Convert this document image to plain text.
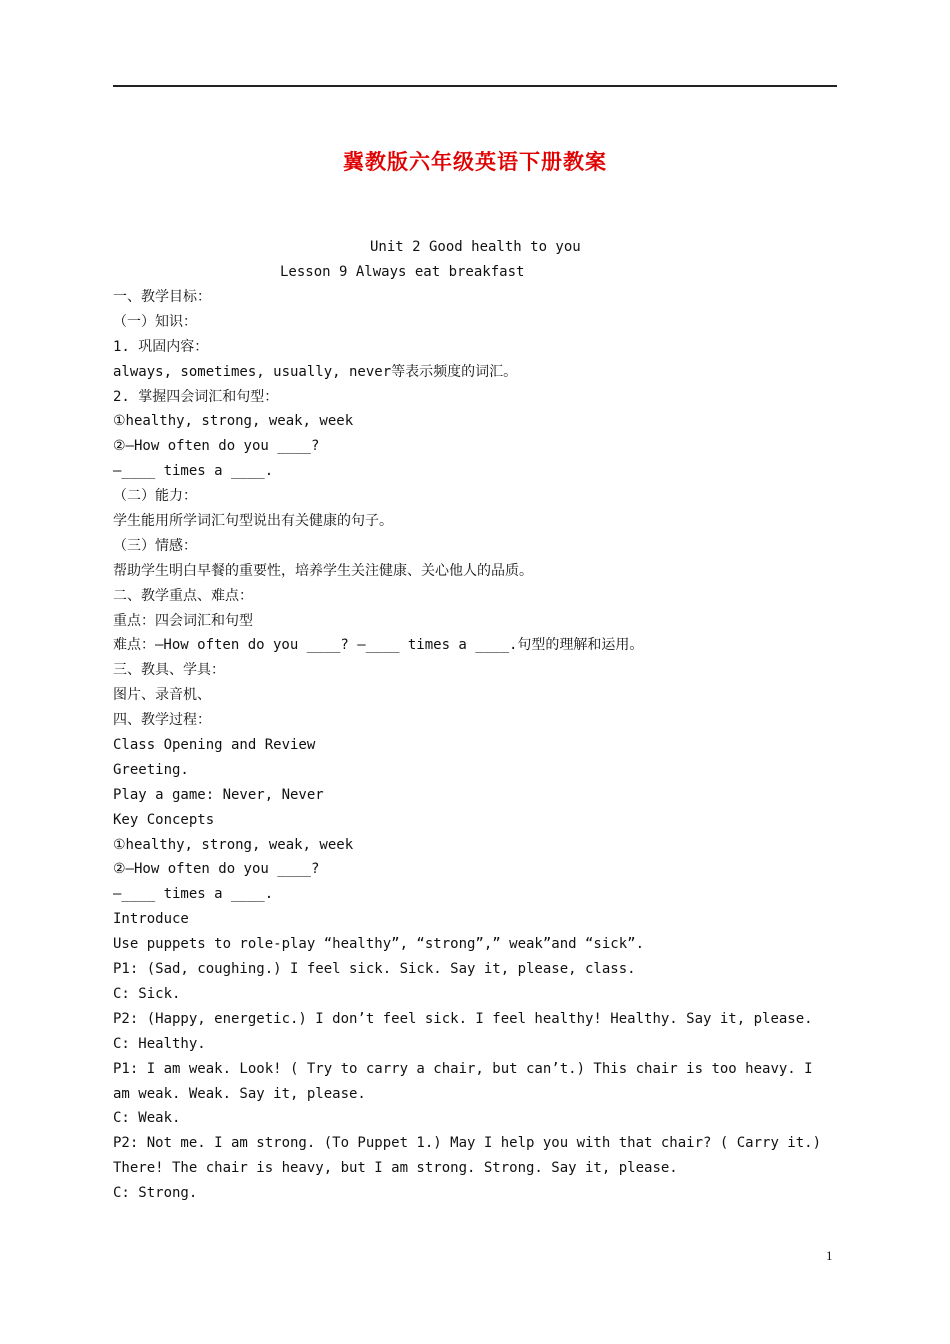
冀教版六年级英语下册教案
Unit 2 Good health to you
Lesson 9 Always eat breakfast
一、教学目标：
（一）知识：
1. 巩固内容：
always, sometimes, usually, never等表示频度的词汇。
2. 掌握四会词汇和句型：
①healthy, strong, weak, week
②—How often do you ____?
—____ times a ____.
（二）能力：
学生能用所学词汇句型说出有关健康的句子。
（三）情感：
帮助学生明白早餐的重要性，培养学生关注健康、关心他人的品质。
二、教学重点、难点：
重点：四会词汇和句型
难点：—How often do you ____? —____ times a ____.句型的理解和运用。
三、教具、学具：
图片、录音机、
四、教学过程：
Class Opening and Review
Greeting.
Play a game: Never, Never
Key Concepts
①healthy, strong, weak, week
②—How often do you ____?
—____ times a ____.
Introduce
Use puppets to role-play “healthy”, “strong”,” weak”and “sick”.
P1: (Sad, coughing.) I feel sick. Sick. Say it, please, class.
C: Sick.
P2: (Happy, energetic.) I don’t feel sick. I feel healthy! Healthy. Say it, please.
C: Healthy.
P1: I am weak. Look! ( Try to carry a chair, but can’t.) This chair is too heavy. I
am weak. Weak. Say it, please.
C: Weak.
P2: Not me. I am strong. (To Puppet 1.) May I help you with that chair? ( Carry it.)
There! The chair is heavy, but I am strong. Strong. Say it, please.
C: Strong.
1
